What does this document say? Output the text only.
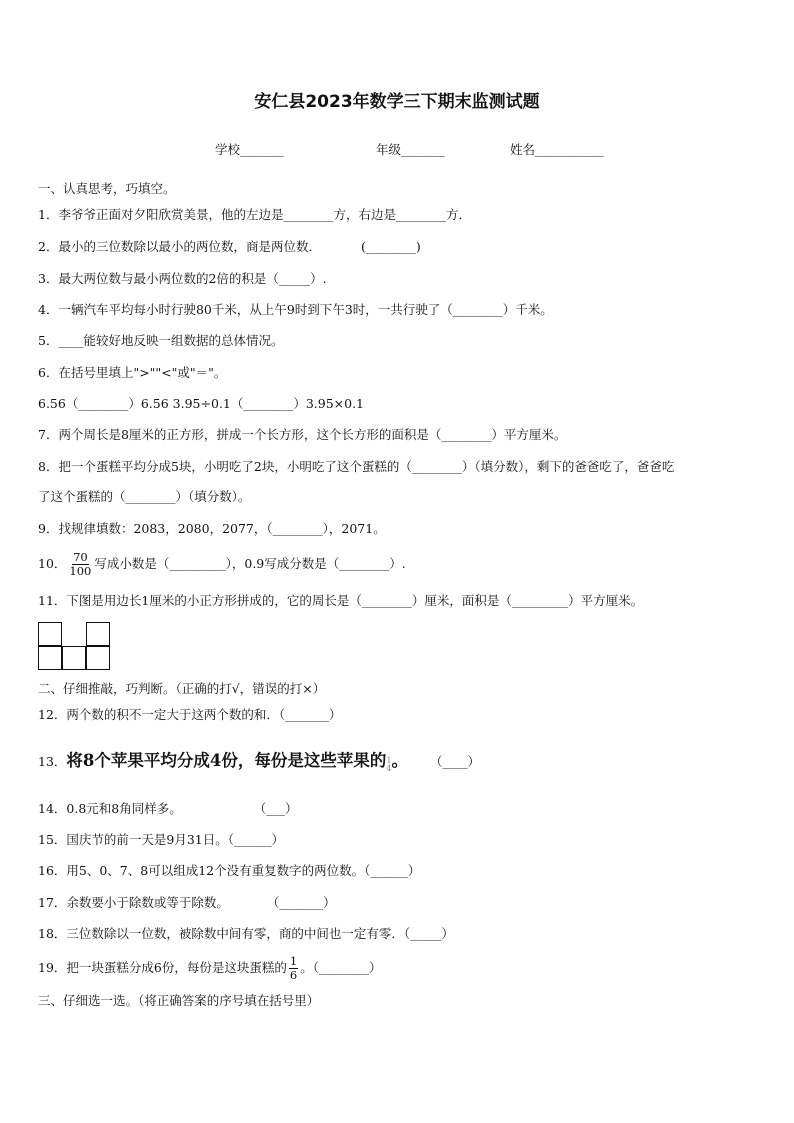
安仁县2023年数学三下期末监测试题
学校_______	年级_______	姓名___________
一、认真思考，巧填空。
1．李爷爷正面对夕阳欣赏美景，他的左边是________方，右边是________方．
2．最小的三位数除以最小的两位数，商是两位数．	(________)
3．最大两位数与最小两位数的2倍的积是（_____）.
4．一辆汽车平均每小时行驶80千米，从上午9时到下午3时，一共行驶了（________）千米。
5．____能较好地反映一组数据的总体情况。
6．在括号里填上">""<"或"＝"。
6.56（________）6.56 3.95÷0.1（________）3.95×0.1
7．两个周长是8厘米的正方形，拼成一个长方形，这个长方形的面积是（________）平方厘米。
8．把一个蛋糕平均分成5块，小明吃了2块，小明吃了这个蛋糕的（________）（填分数），剩下的爸爸吃了，爸爸吃
了这个蛋糕的（________）（填分数）。
9．找规律填数：2083，2080，2077，（________），2071。
10． $\frac{70}{100}$ 写成小数是（_________），0.9写成分数是（________）.
11．下图是用边长1厘米的小正方形拼成的，它的周长是（________）厘米，面积是（_________）平方厘米。
二、仔细推敲，巧判断。（正确的打√，错误的打×）
12．两个数的积不一定大于这两个数的和．（_______）
13．将8个苹果平均分成4份，每份是这些苹果的 1
4 。 （____）
14．0.8元和8角同样多。	（___）
15．国庆节的前一天是9月31日。（______）
16．用5、0、7、8可以组成12个没有重复数字的两位数。（______）
17．余数要小于除数或等于除数。	（_______）
18．三位数除以一位数，被除数中间有零，商的中间也一定有零．（_____）
19．把一块蛋糕分成6份，每份是这块蛋糕的 $\frac{1}{6}$ 。（________）
三、仔细选一选。（将正确答案的序号填在括号里）
